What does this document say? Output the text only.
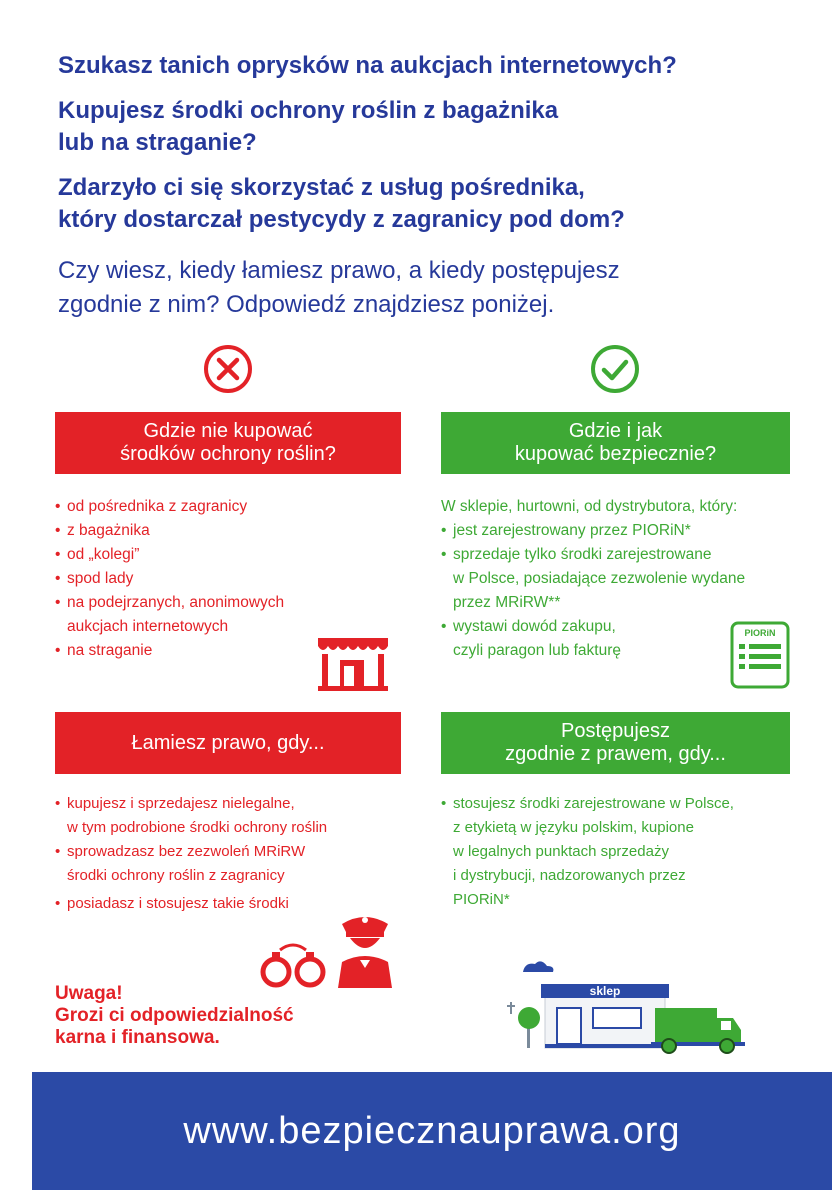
Szukasz tanich oprysków na aukcjach internetowych?

Kupujesz środki ochrony roślin z bagażnika
lub na straganie?

Zdarzyło ci się skorzystać z usług pośrednika,
który dostarczał pestycydy z zagranicy pod dom?

Czy wiesz, kiedy łamiesz prawo, a kiedy postępujesz
zgodnie z nim? Odpowiedź znajdziesz poniżej.

Gdzie nie kupować
środków ochrony roślin?
Gdzie i jak
kupować bezpiecznie?
• od pośrednika z zagranicy
• z bagażnika
• od „kolegi”
• spod lady
• na podejrzanych, anonimowych
aukcjach internetowych
• na straganie
W sklepie, hurtowni, od dystrybutora, który:
• jest zarejestrowany przez PIORiN*
• sprzedaje tylko środki zarejestrowane
w Polsce, posiadające zezwolenie wydane
przez MRiRW**
• wystawi dowód zakupu,
czyli paragon lub fakturę
PIORiN
Łamiesz prawo, gdy...
Postępujesz
zgodnie z prawem, gdy...
• kupujesz i sprzedajesz nielegalne,
w tym podrobione środki ochrony roślin
• sprowadzasz bez zezwoleń MRiRW
środki ochrony roślin z zagranicy
• posiadasz i stosujesz takie środki
• stosujesz środki zarejestrowane w Polsce,
z etykietą w języku polskim, kupione
w legalnych punktach sprzedaży
i dystrybucji, nadzorowanych przez
PIORiN*

Uwaga!
Grozi ci odpowiedzialność
karna i finansowa.

sklep
www.bezpiecznauprawa.org
